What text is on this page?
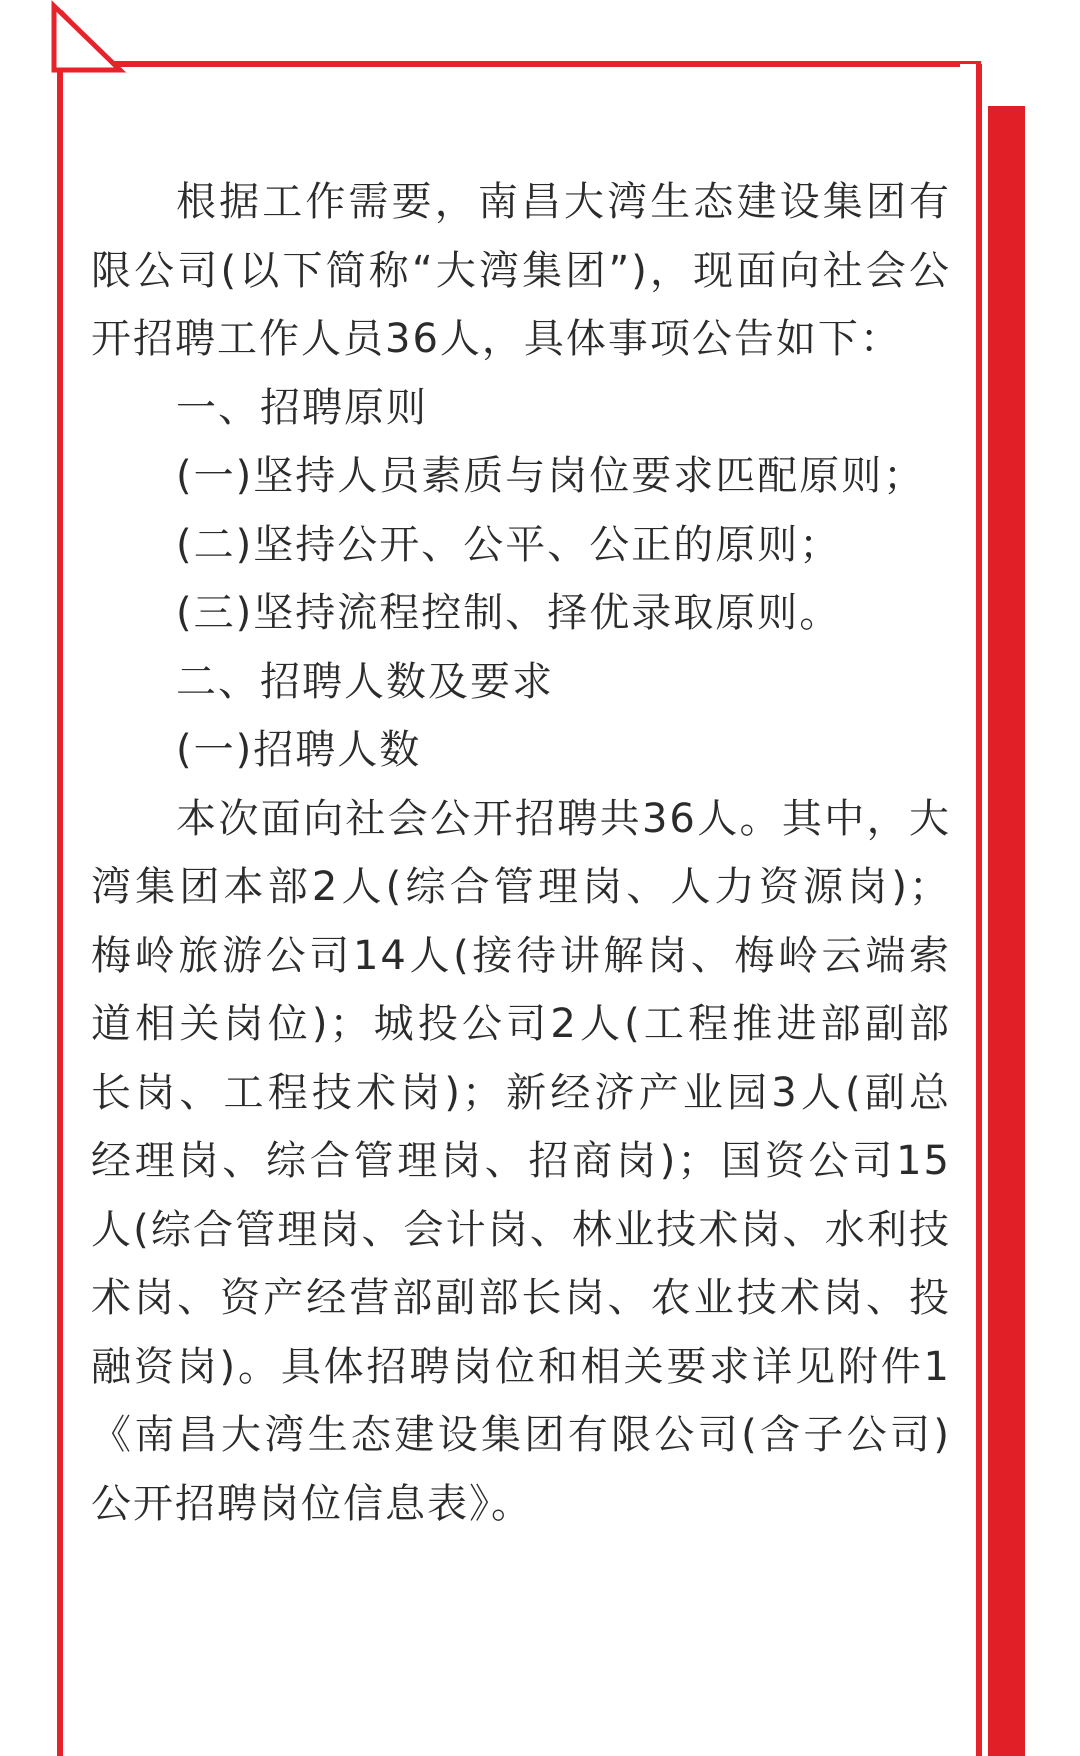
根据工作需要，南昌大湾生态建设集团有限公司(以下简称“大湾集团”)，现面向社会公开招聘工作人员36人，具体事项公告如下：

一、招聘原则

(一)坚持人员素质与岗位要求匹配原则；

(二)坚持公开、公平、公正的原则；

(三)坚持流程控制、择优录取原则。

二、招聘人数及要求

(一)招聘人数

本次面向社会公开招聘共36人。其中，大湾集团本部2人(综合管理岗、人力资源岗)；梅岭旅游公司14人(接待讲解岗、梅岭云端索道相关岗位)；城投公司2人(工程推进部副部长岗、工程技术岗)；新经济产业园3人(副总经理岗、综合管理岗、招商岗)；国资公司15人(综合管理岗、会计岗、林业技术岗、水利技术岗、资产经营部副部长岗、农业技术岗、投融资岗)。具体招聘岗位和相关要求详见附件1《南昌大湾生态建设集团有限公司(含子公司)公开招聘岗位信息表》。
